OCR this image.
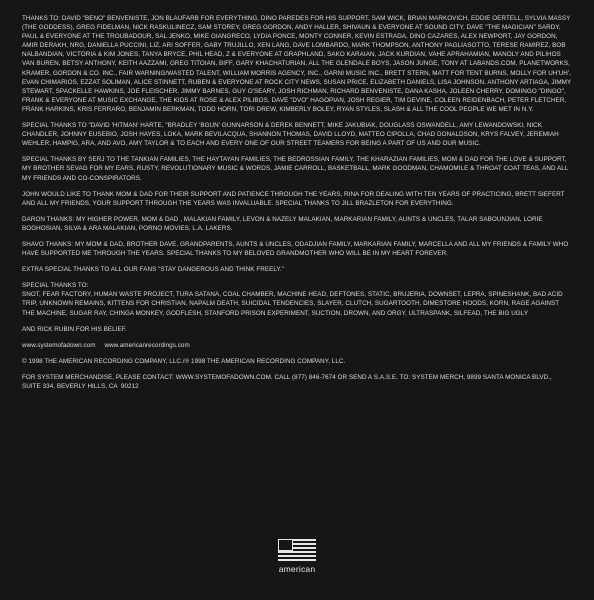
THANKS TO: DAVID "BENO" BENVENISTE, JON BLAUFARB FOR EVERYTHING, DINO PAREDES FOR HIS SUPPORT, SAM WICK, BRIAN MARKOVICH, EDDIE OERTELL, SYLVIA MASSY (THE GODDESS), GREG FIDELMAN, NICK RASKULINECZ, SAM STOREY, GREG GORDON, ANDY HALLER, SHIVAUN & EVERYONE AT SOUND CITY, DAVE "THE MAGICIAN" SARDY, PAUL & EVERYONE AT THE TROUBADOUR, SAL JENKO, MIKE GIANGRECO, LYDIA PONCE, MONTY CONNER, KEVIN ESTRADA, DINO CAZARES, ALEX NEWPORT, JAY GORDON, AMIR DERAKH, NRG, DANIELLA PUCCINI, LIZ, ARI SOFFER, GABY TRUJILLO, XEN LANG, DAVE LOMBARDO, MARK THOMPSON, ANTHONY PAGLIASOTTO, TERESE RAMIREZ, BOB NALBANDIAN, VICTORIA & KIM JONES, TANYA BRYCE, PHIL HEAD, Z & EVERYONE AT GRAPHLAND, SAKO KARAIAN, JACK KURDIAN, VAHE APRAHAMIAN, MANOLY AND PILIHOS VAN BUREN, BETSY ANTHONY, KEITH AAZZAMI, GREG TITOIAN, BIFF, GARY KHACHATURIAN, ALL THE GLENDALE BOYS, JASON JUNGE, TONY AT LABANDS.COM, PLANETWORKS, KRAMER, GORDON & CO. INC., FAIR WARNING/WASTED TALENT, WILLIAM MORRIS AGENCY, INC., GARNI MUSIC INC., BRETT STERN, MATT FOR TENT BURNS, MOLLY FOR UH'UH', EVAN CHIMARIOS, EZZAT SOLIMAN, ALICE STINNETT, RUBEN & EVERYONE AT ROCK CITY NEWS, SUSAN PRICE, ELIZABETH DANIELS, LISA JOHNSON, ANTHONY ARTIAGA, JIMMY STEWART, SPACKELLE HAWKINS, JOE FLEISCHER, JIMMY BARNES, GUY O'SEARY, JOSH RICHMAN, RICHARD BENVENISTE, DANA KASHA, JOLEEN CHERRY, DOMINGO "DINGO", FRANK & EVERYONE AT MUSIC EXCHANGE, THE KIDS AT ROSE & ALEX PILIBOS, DAVE "DVO" HAGOPIAN, JOSH REGIER, TIM DEVINE, COLEEN REIDENBACH, PETER FLETCHER, FRANK HARKINS, KRIS FERRARO, BENJAMIN BERKMAN, TODD HORN, TORI DREW, KIMBERLY BOLEY, RYAN STYLES, SLASH & ALL THE COOL PEOPLE WE MET IN N.Y.

SPECIAL THANKS TO "DAVID 'HITMAN' HARTE, "BRADLEY 'BGUN' GUNNARSON & DEREK BENNETT, MIKE JAKUBIAK, DOUGLASS OSWANDELL, AMY LEWANDOWSKI, NICK CHANDLER, JOHNNY EUSEBIO, JOSH HAYES, LOKA, MARK BEVILACQUA, SHANNON THOMAS, DAVID LLOYD, MATTEO CIPOLLA, CHAD DONALDSON, KRYS FALVEY, JEREMIAH WEHLER, HAMPIG, ARA, AND AVO, AMY TAYLOR & TO EACH AND EVERY ONE OF OUR STREET TEAMERS FOR BEING A PART OF US AND OUR MUSIC.

SPECIAL THANKS BY SERJ TO THE TANKIAN FAMILIES, THE HAYTAYAN FAMILIES, THE BEDROSSIAN FAMILY, THE KHARAZIAN FAMILIES, MOM & DAD FOR THE LOVE & SUPPORT, MY BROTHER SEVAG FOR MY EARS, RUSTY, REVOLUTIONARY MUSIC & WORDS, JAMIE CARROLL, BASKETBALL, MARK GOODMAN, CHAMOMILE & THROAT COAT TEAS, AND ALL MY FRIENDS AND CO-CONSPIRATORS.

JOHN WOULD LIKE TO THANK MOM & DAD FOR THEIR SUPPORT AND PATIENCE THROUGH THE YEARS, RINA FOR DEALING WITH TEN YEARS OF PRACTICING, BRETT SIEFERT AND ALL MY FRIENDS, YOUR SUPPORT THROUGH THE YEARS WAS INVALUABLE. SPECIAL THANKS TO JILL BRAZLETON FOR EVERYTHING.

DARON THANKS: MY HIGHER POWER, MOM & DAD , MALAKIAN FAMILY, LEVON & NAZELY MALAKIAN, MARKARIAN FAMILY, AUNTS & UNCLES, TALAR SABOUNJIAN, LORIE BOGHOSIAN, SILVA & ARA MALAKIAN, PORNO MOVIES, L.A. LAKERS.

SHAVO THANKS: MY MOM & DAD, BROTHER DAVE, GRANDPARENTS, AUNTS & UNCLES, ODADJIAN FAMILY, MARKARIAN FAMILY, MARCELLA AND ALL MY FRIENDS & FAMILY WHO HAVE SUPPORTED ME THROUGH THE YEARS. SPECIAL THANKS TO MY BELOVED GRANDMOTHER WHO WILL BE IN MY HEART FOREVER.

EXTRA SPECIAL THANKS TO ALL OUR FANS "STAY DANGEROUS AND THINK FREELY."

SPECIAL THANKS TO:
SNOT, FEAR FACTORY, HUMAN WASTE PROJECT, TURA SATANA, COAL CHAMBER, MACHINE HEAD, DEFTONES, STATIC, BRUJERIA, DOWNSET, LEPRA, SPINESHANK, BAD ACID TRIP, UNKNOWN REMAINS, KITTENS FOR CHRISTIAN, NAPALM DEATH, SUICIDAL TENDENCIES, SLAYER, CLUTCH, SUGARTOOTH, DIMESTORE HOODS, KORN, RAGE AGAINST THE MACHINE, SUGAR RAY, CHINGA MONKEY, GODFLESH, STANFORD PRISON EXPERIMENT, SUCTION, DROWN, AND ORGY, ULTRASPANK, SILFEAD, THE BIG UGLY

AND RICK RUBIN FOR HIS BELIEF.

www.systemofadown.com     www.americanrecordings.com

© 1998 THE AMERICAN RECORDING COMPANY, LLC./℗ 1998 THE AMERICAN RECORDING COMPANY, LLC.

FOR SYSTEM MERCHANDISE, PLEASE CONTACT: WWW.SYSTEMOFADOWN.COM. CALL (877) 846-7674 OR SEND A S.A.S.E. TO: SYSTEM MERCH, 9899 SANTA MONICA BLVD., SUITE 334, BEVERLY HILLS, CA  90212

american
